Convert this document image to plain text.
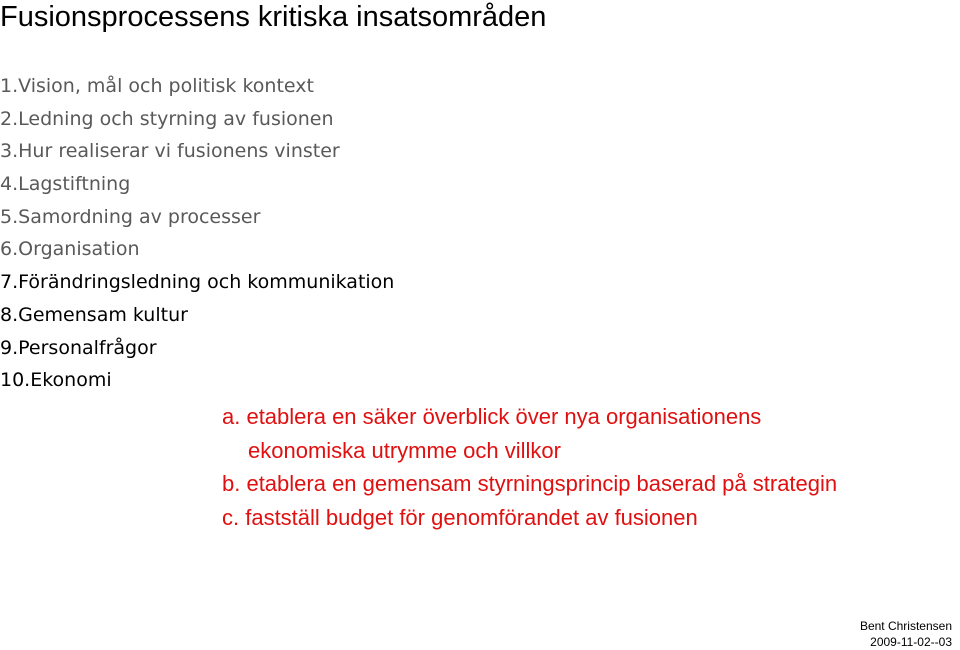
Fusionsprocessens kritiska insatsområden
1.Vision, mål och politisk kontext
2.Ledning och styrning av fusionen
3.Hur realiserar vi fusionens vinster
4.Lagstiftning
5.Samordning av processer
6.Organisation
7.Förändringsledning och kommunikation
8.Gemensam kultur
9.Personalfrågor
10.Ekonomi
a. etablera en säker överblick över nya organisationens
ekonomiska utrymme och villkor
b. etablera en gemensam styrningsprincip baserad på strategin
c. fastställ budget för genomförandet av fusionen
Bent Christensen
2009-11-02--03
